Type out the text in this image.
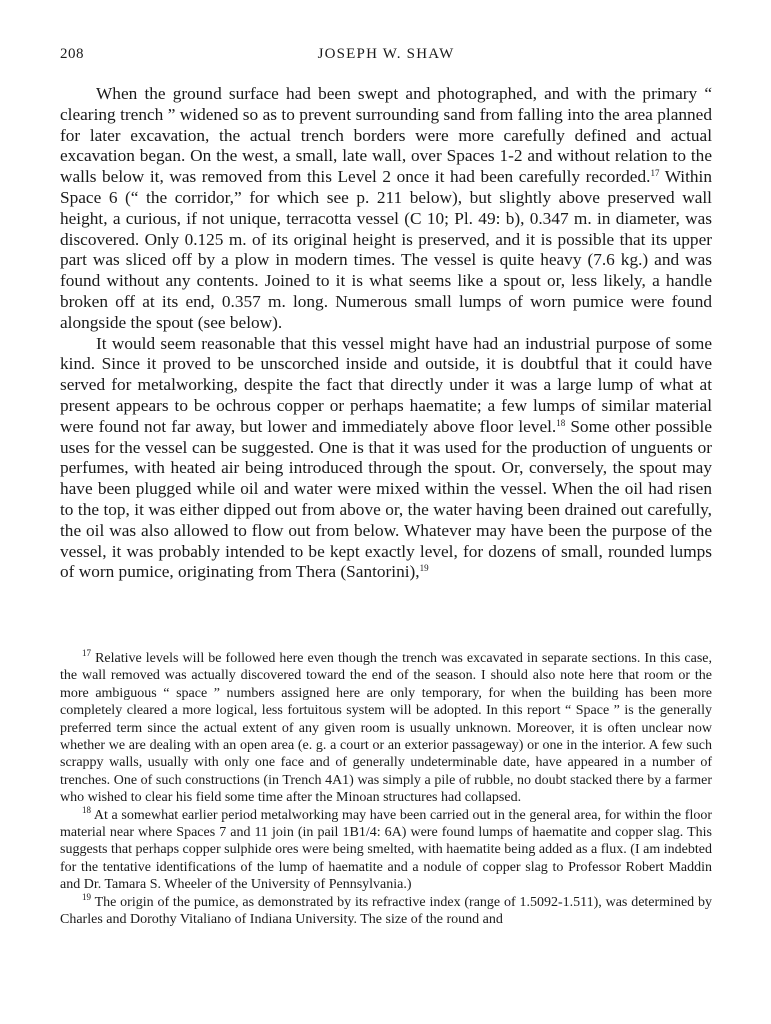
208	JOSEPH W. SHAW

When the ground surface had been swept and photographed, and with the primary “ clearing trench ” widened so as to prevent surrounding sand from falling into the area planned for later excavation, the actual trench borders were more carefully defined and actual excavation began. On the west, a small, late wall, over Spaces 1-2 and without relation to the walls below it, was removed from this Level 2 once it had been carefully recorded.$^{17}$ Within Space 6 (“ the corridor,” for which see p. 211 below), but slightly above preserved wall height, a curious, if not unique, terracotta vessel (C 10; Pl. 49: b), 0.347 m. in diameter, was discovered. Only 0.125 m. of its original height is preserved, and it is possible that its upper part was sliced off by a plow in modern times. The vessel is quite heavy (7.6 kg.) and was found without any contents. Joined to it is what seems like a spout or, less likely, a handle broken off at its end, 0.357 m. long. Numerous small lumps of worn pumice were found alongside the spout (see below).

It would seem reasonable that this vessel might have had an industrial purpose of some kind. Since it proved to be unscorched inside and outside, it is doubtful that it could have served for metalworking, despite the fact that directly under it was a large lump of what at present appears to be ochrous copper or perhaps haematite; a few lumps of similar material were found not far away, but lower and immediately above floor level.$^{18}$ Some other possible uses for the vessel can be suggested. One is that it was used for the production of unguents or perfumes, with heated air being introduced through the spout. Or, conversely, the spout may have been plugged while oil and water were mixed within the vessel. When the oil had risen to the top, it was either dipped out from above or, the water having been drained out carefully, the oil was also allowed to flow out from below. Whatever may have been the purpose of the vessel, it was probably intended to be kept exactly level, for dozens of small, rounded lumps of worn pumice, originating from Thera (Santorini),$^{19}$

$^{17}$ Relative levels will be followed here even though the trench was excavated in separate sections. In this case, the wall removed was actually discovered toward the end of the season. I should also note here that room or the more ambiguous “ space ” numbers assigned here are only temporary, for when the building has been more completely cleared a more logical, less fortuitous system will be adopted. In this report “ Space ” is the generally preferred term since the actual extent of any given room is usually unknown. Moreover, it is often unclear now whether we are dealing with an open area (e. g. a court or an exterior passageway) or one in the interior. A few such scrappy walls, usually with only one face and of generally undeterminable date, have appeared in a number of trenches. One of such constructions (in Trench 4A1) was simply a pile of rubble, no doubt stacked there by a farmer who wished to clear his field some time after the Minoan structures had collapsed.

$^{18}$ At a somewhat earlier period metalworking may have been carried out in the general area, for within the floor material near where Spaces 7 and 11 join (in pail 1B1/4: 6A) were found lumps of haematite and copper slag. This suggests that perhaps copper sulphide ores were being smelted, with haematite being added as a flux. (I am indebted for the tentative identifications of the lump of haematite and a nodule of copper slag to Professor Robert Maddin and Dr. Tamara S. Wheeler of the University of Pennsylvania.)

$^{19}$ The origin of the pumice, as demonstrated by its refractive index (range of 1.5092-1.511), was determined by Charles and Dorothy Vitaliano of Indiana University. The size of the round and
